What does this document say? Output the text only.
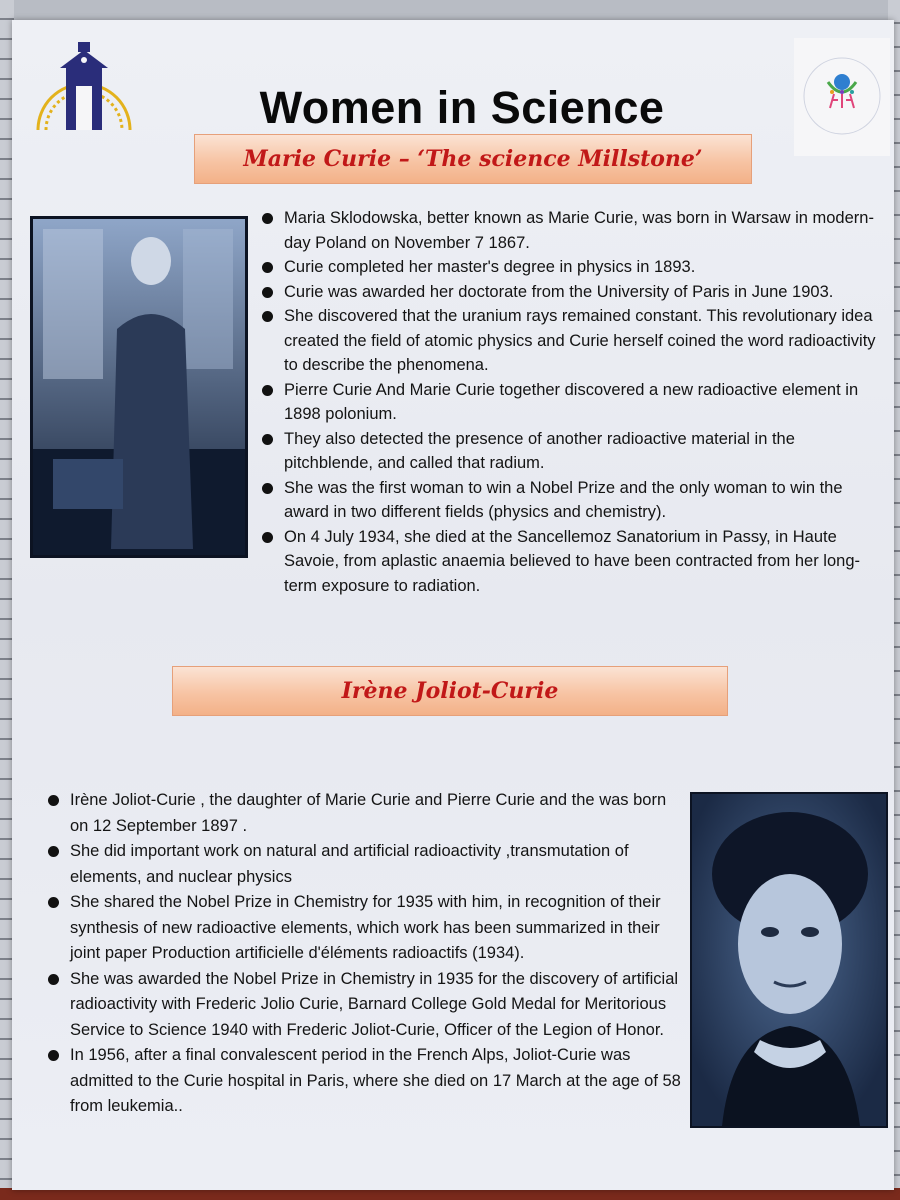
Women in Science
Marie Curie – ‘The science Millstone’
Maria Sklodowska, better known as Marie Curie, was born in Warsaw in modern-day Poland on November 7 1867.
Curie completed her master's degree in physics in 1893.
Curie was awarded her doctorate from the University of Paris in June 1903.
She discovered that the uranium rays remained constant. This revolutionary idea created the field of atomic physics and Curie herself coined the word radioactivity to describe the phenomena.
Pierre Curie And Marie Curie together discovered a new radioactive element in 1898 polonium.
They also detected the presence of another radioactive material in the pitchblende, and called that radium.
She was the first woman to win a Nobel Prize and the only woman to win the award in two different fields (physics and chemistry).
On 4 July 1934, she died at the Sancellemoz Sanatorium in Passy, in Haute Savoie, from aplastic anaemia believed to have been contracted from her long- term exposure to radiation.
Irène Joliot-Curie
Irène Joliot-Curie , the daughter of Marie Curie and Pierre Curie and the was born on 12 September 1897 .
She did important work on natural and artificial radioactivity ,transmutation of elements, and nuclear physics
She shared the Nobel Prize in Chemistry for 1935 with him, in recognition of their synthesis of new radioactive elements, which work has been summarized in their joint paper Production artificielle d'éléments radioactifs (1934).
She was awarded the Nobel Prize in Chemistry in 1935 for the discovery of artificial radioactivity with Frederic Jolio Curie, Barnard College Gold Medal for Meritorious Service to Science 1940 with Frederic Joliot-Curie, Officer of the Legion of Honor.
In 1956, after a final convalescent period in the French Alps, Joliot-Curie was admitted to the Curie hospital in Paris, where she died on 17 March at the age of 58 from leukemia..
